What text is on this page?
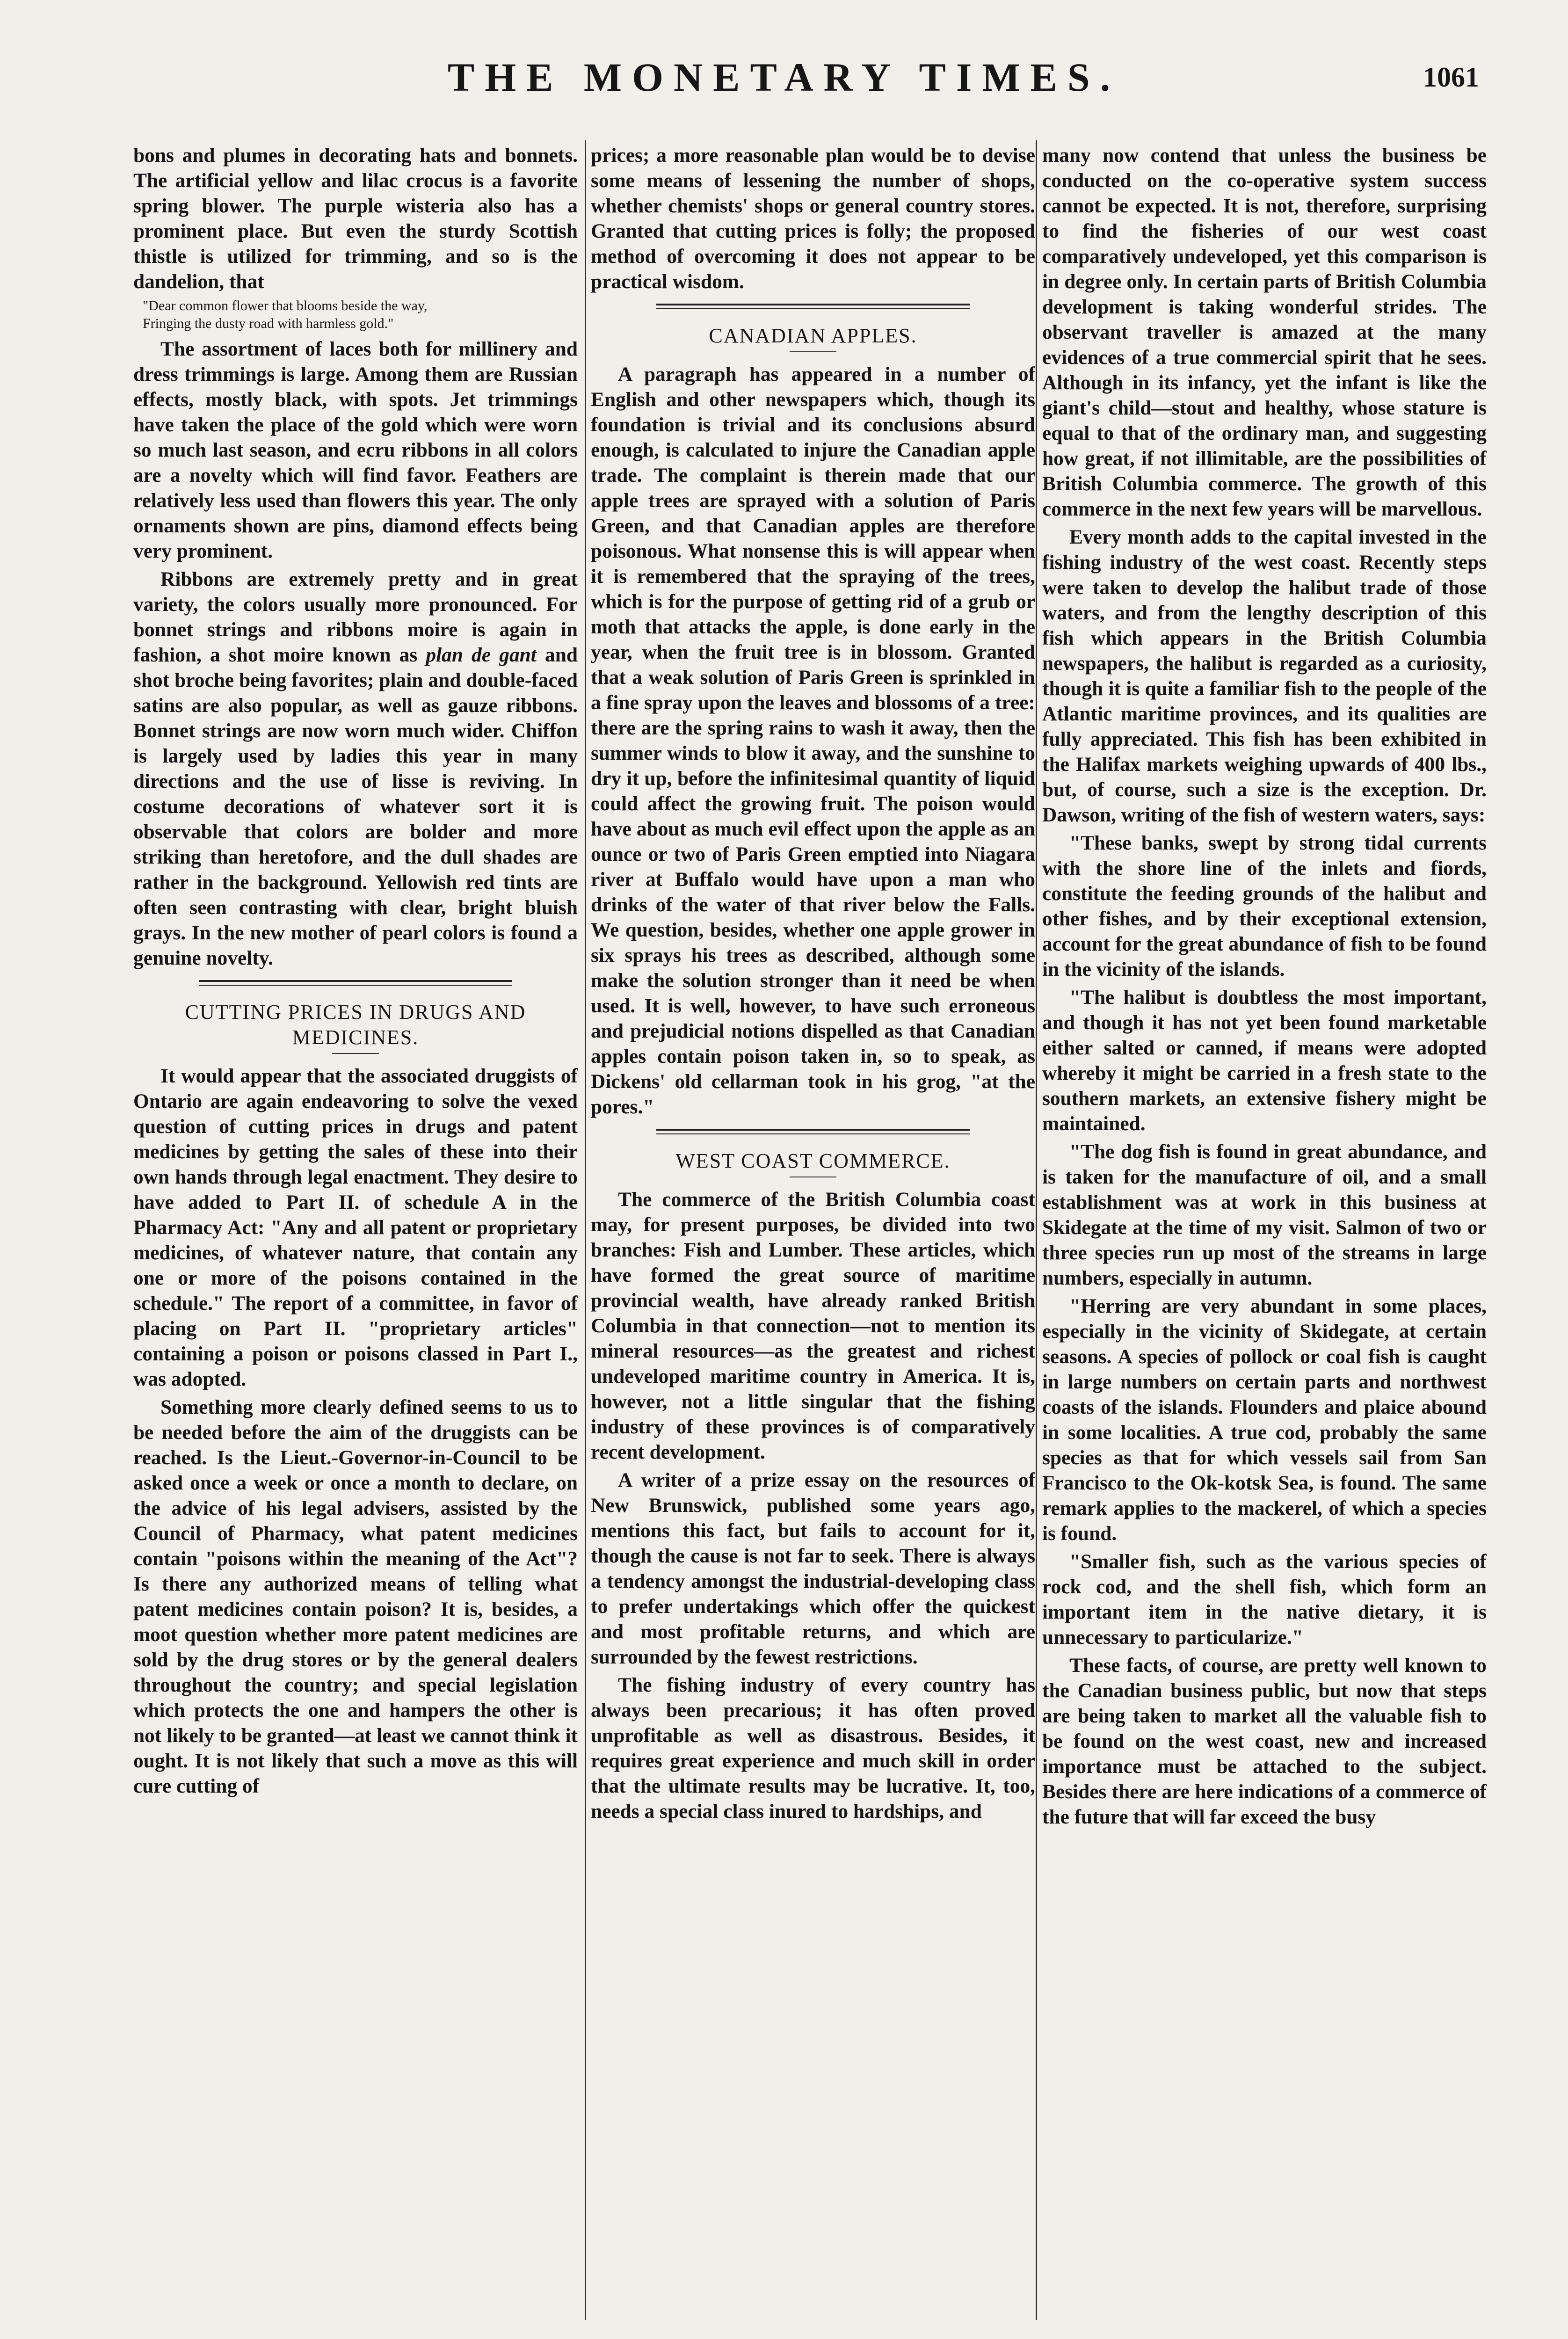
THE MONETARY TIMES.	1061

bons and plumes in decorating hats and bonnets. The artificial yellow and lilac crocus is a favorite spring blower. The purple wisteria also has a prominent place. But even the sturdy Scottish thistle is utilized for trimming, and so is the dandelion, that

"Dear common flower that blooms beside the way,

Fringing the dusty road with harmless gold."

The assortment of laces both for millinery and dress trimmings is large. Among them are Russian effects, mostly black, with spots. Jet trimmings have taken the place of the gold which were worn so much last season, and ecru ribbons in all colors are a novelty which will find favor. Feathers are relatively less used than flowers this year. The only ornaments shown are pins, diamond effects being very prominent.

Ribbons are extremely pretty and in great variety, the colors usually more pronounced. For bonnet strings and ribbons moire is again in fashion, a shot moire known as plan de gant and shot broche being favorites; plain and double-faced satins are also popular, as well as gauze ribbons. Bonnet strings are now worn much wider. Chiffon is largely used by ladies this year in many directions and the use of lisse is reviving. In costume decorations of whatever sort it is observable that colors are bolder and more striking than heretofore, and the dull shades are rather in the background. Yellowish red tints are often seen contrasting with clear, bright bluish grays. In the new mother of pearl colors is found a genuine novelty.

CUTTING PRICES IN DRUGS AND MEDICINES.

It would appear that the associated druggists of Ontario are again endeavoring to solve the vexed question of cutting prices in drugs and patent medicines by getting the sales of these into their own hands through legal enactment. They desire to have added to Part II. of schedule A in the Pharmacy Act: "Any and all patent or proprietary medicines, of whatever nature, that contain any one or more of the poisons contained in the schedule." The report of a committee, in favor of placing on Part II. "proprietary articles" containing a poison or poisons classed in Part I., was adopted.

Something more clearly defined seems to us to be needed before the aim of the druggists can be reached. Is the Lieut.-Governor-in-Council to be asked once a week or once a month to declare, on the advice of his legal advisers, assisted by the Council of Pharmacy, what patent medicines contain "poisons within the meaning of the Act"? Is there any authorized means of telling what patent medicines contain poison? It is, besides, a moot question whether more patent medicines are sold by the drug stores or by the general dealers throughout the country; and special legislation which protects the one and hampers the other is not likely to be granted—at least we cannot think it ought. It is not likely that such a move as this will cure cutting of

prices; a more reasonable plan would be to devise some means of lessening the number of shops, whether chemists' shops or general country stores. Granted that cutting prices is folly; the proposed method of overcoming it does not appear to be practical wisdom.

CANADIAN APPLES.

A paragraph has appeared in a number of English and other newspapers which, though its foundation is trivial and its conclusions absurd enough, is calculated to injure the Canadian apple trade. The complaint is therein made that our apple trees are sprayed with a solution of Paris Green, and that Canadian apples are therefore poisonous. What nonsense this is will appear when it is remembered that the spraying of the trees, which is for the purpose of getting rid of a grub or moth that attacks the apple, is done early in the year, when the fruit tree is in blossom. Granted that a weak solution of Paris Green is sprinkled in a fine spray upon the leaves and blossoms of a tree: there are the spring rains to wash it away, then the summer winds to blow it away, and the sunshine to dry it up, before the infinitesimal quantity of liquid could affect the growing fruit. The poison would have about as much evil effect upon the apple as an ounce or two of Paris Green emptied into Niagara river at Buffalo would have upon a man who drinks of the water of that river below the Falls. We question, besides, whether one apple grower in six sprays his trees as described, although some make the solution stronger than it need be when used. It is well, however, to have such erroneous and prejudicial notions dispelled as that Canadian apples contain poison taken in, so to speak, as Dickens' old cellarman took in his grog, "at the pores."

WEST COAST COMMERCE.

The commerce of the British Columbia coast may, for present purposes, be divided into two branches: Fish and Lumber. These articles, which have formed the great source of maritime provincial wealth, have already ranked British Columbia in that connection—not to mention its mineral resources—as the greatest and richest undeveloped maritime country in America. It is, however, not a little singular that the fishing industry of these provinces is of comparatively recent development.

A writer of a prize essay on the resources of New Brunswick, published some years ago, mentions this fact, but fails to account for it, though the cause is not far to seek. There is always a tendency amongst the industrial-developing class to prefer undertakings which offer the quickest and most profitable returns, and which are surrounded by the fewest restrictions.

The fishing industry of every country has always been precarious; it has often proved unprofitable as well as disastrous. Besides, it requires great experience and much skill in order that the ultimate results may be lucrative. It, too, needs a special class inured to hardships, and

many now contend that unless the business be conducted on the co-operative system success cannot be expected. It is not, therefore, surprising to find the fisheries of our west coast comparatively undeveloped, yet this comparison is in degree only. In certain parts of British Columbia development is taking wonderful strides. The observant traveller is amazed at the many evidences of a true commercial spirit that he sees. Although in its infancy, yet the infant is like the giant's child—stout and healthy, whose stature is equal to that of the ordinary man, and suggesting how great, if not illimitable, are the possibilities of British Columbia commerce. The growth of this commerce in the next few years will be marvellous.

Every month adds to the capital invested in the fishing industry of the west coast. Recently steps were taken to develop the halibut trade of those waters, and from the lengthy description of this fish which appears in the British Columbia newspapers, the halibut is regarded as a curiosity, though it is quite a familiar fish to the people of the Atlantic maritime provinces, and its qualities are fully appreciated. This fish has been exhibited in the Halifax markets weighing upwards of 400 lbs., but, of course, such a size is the exception. Dr. Dawson, writing of the fish of western waters, says:

"These banks, swept by strong tidal currents with the shore line of the inlets and fiords, constitute the feeding grounds of the halibut and other fishes, and by their exceptional extension, account for the great abundance of fish to be found in the vicinity of the islands.

"The halibut is doubtless the most important, and though it has not yet been found marketable either salted or canned, if means were adopted whereby it might be carried in a fresh state to the southern markets, an extensive fishery might be maintained.

"The dog fish is found in great abundance, and is taken for the manufacture of oil, and a small establishment was at work in this business at Skidegate at the time of my visit. Salmon of two or three species run up most of the streams in large numbers, especially in autumn.

"Herring are very abundant in some places, especially in the vicinity of Skidegate, at certain seasons. A species of pollock or coal fish is caught in large numbers on certain parts and northwest coasts of the islands. Flounders and plaice abound in some localities. A true cod, probably the same species as that for which vessels sail from San Francisco to the Ok-kotsk Sea, is found. The same remark applies to the mackerel, of which a species is found.

"Smaller fish, such as the various species of rock cod, and the shell fish, which form an important item in the native dietary, it is unnecessary to particularize."

These facts, of course, are pretty well known to the Canadian business public, but now that steps are being taken to market all the valuable fish to be found on the west coast, new and increased importance must be attached to the subject. Besides there are here indications of a commerce of the future that will far exceed the busy
